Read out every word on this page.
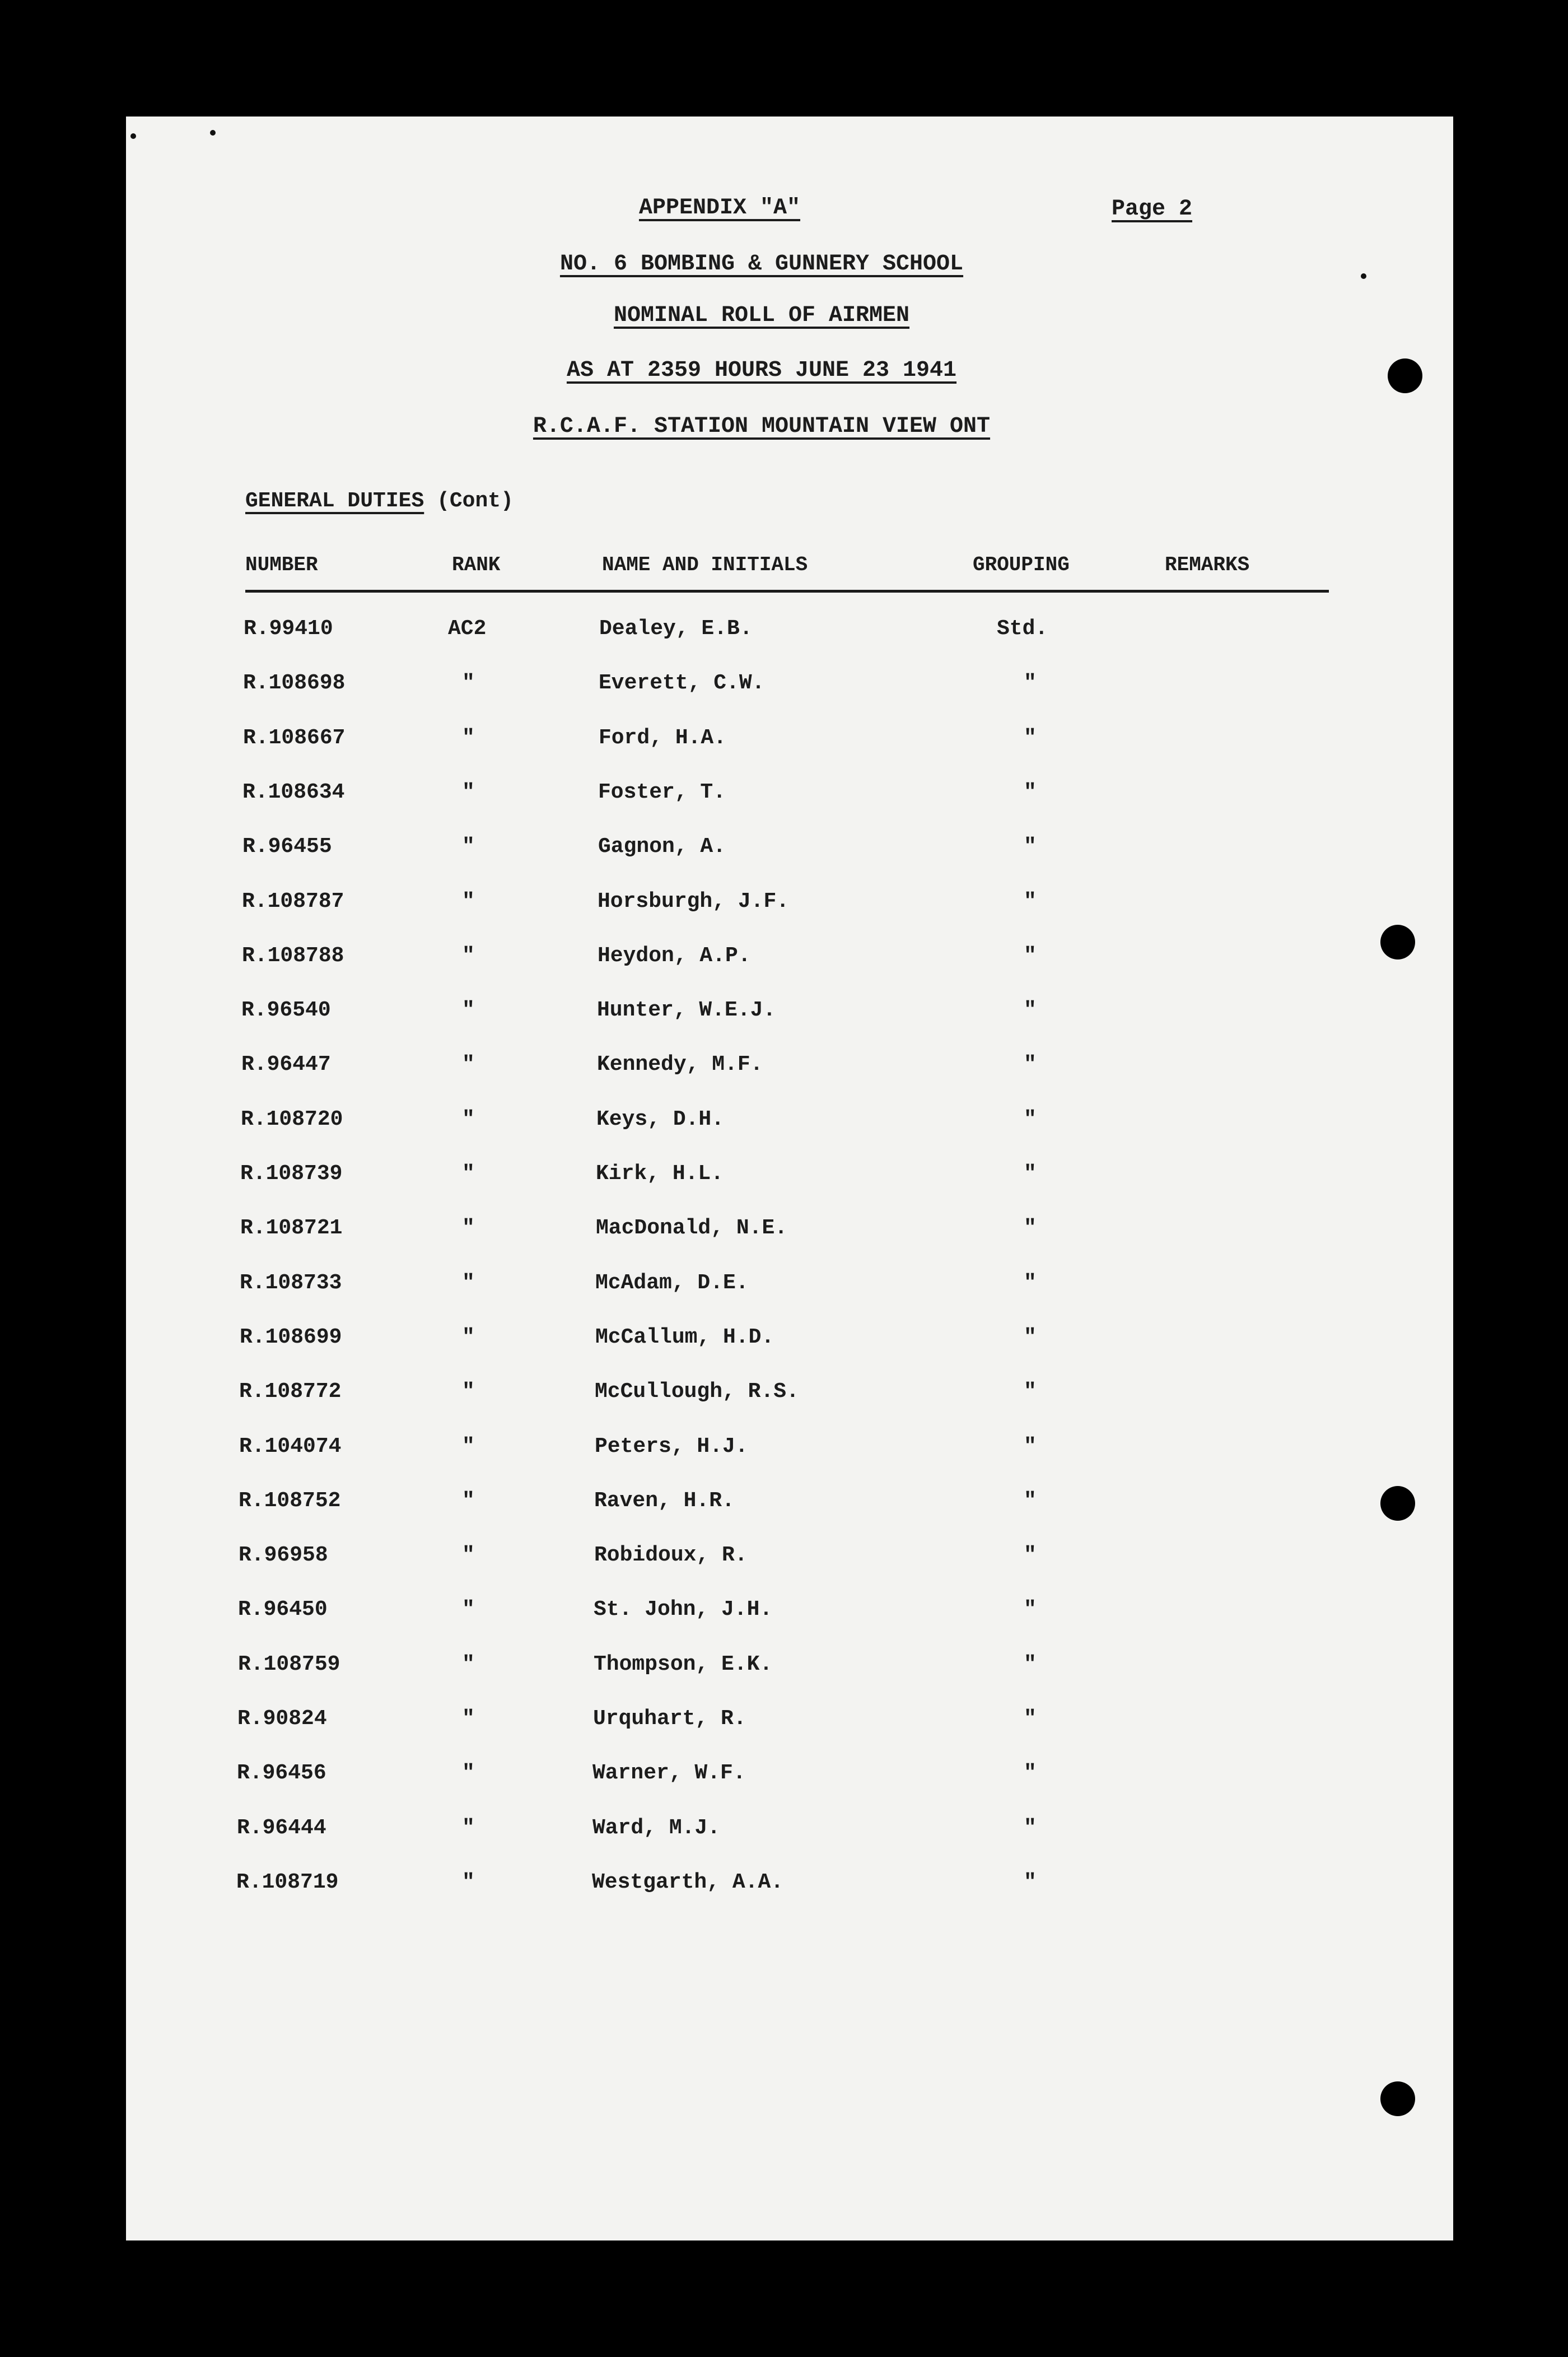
APPENDIX "A"	Page 2
NO. 6 BOMBING & GUNNERY SCHOOL
NOMINAL ROLL OF AIRMEN
AS AT 2359 HOURS JUNE 23 1941
R.C.A.F. STATION MOUNTAIN VIEW ONT
GENERAL DUTIES (Cont)
NUMBER	RANK	NAME AND INITIALS	GROUPING	REMARKS
R.99410	AC2	Dealey, E.B.	Std.
R.108698	"	Everett, C.W.	"
R.108667	"	Ford, H.A.	"
R.108634	"	Foster, T.	"
R.96455	"	Gagnon, A.	"
R.108787	"	Horsburgh, J.F.	"
R.108788	"	Heydon, A.P.	"
R.96540	"	Hunter, W.E.J.	"
R.96447	"	Kennedy, M.F.	"
R.108720	"	Keys, D.H.	"
R.108739	"	Kirk, H.L.	"
R.108721	"	MacDonald, N.E.	"
R.108733	"	McAdam, D.E.	"
R.108699	"	McCallum, H.D.	"
R.108772	"	McCullough, R.S.	"
R.104074	"	Peters, H.J.	"
R.108752	"	Raven, H.R.	"
R.96958	"	Robidoux, R.	"
R.96450	"	St. John, J.H.	"
R.108759	"	Thompson, E.K.	"
R.90824	"	Urquhart, R.	"
R.96456	"	Warner, W.F.	"
R.96444	"	Ward, M.J.	"
R.108719	"	Westgarth, A.A.	"
